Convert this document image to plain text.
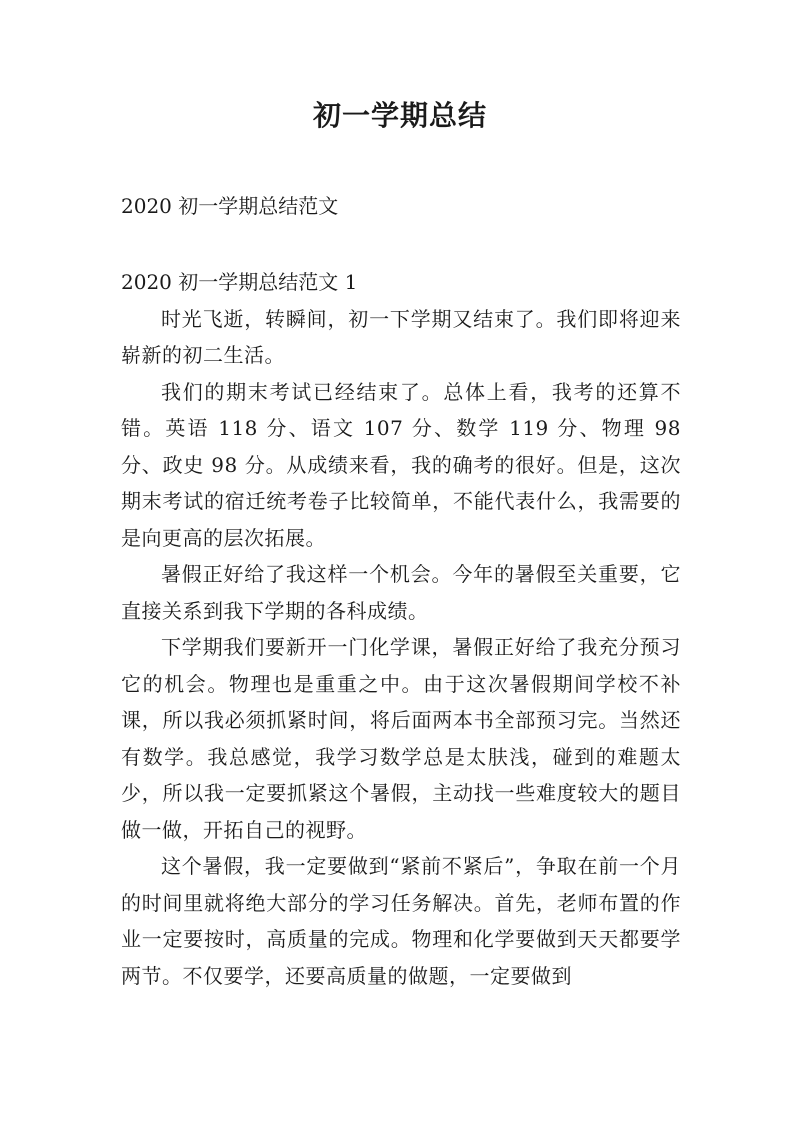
初一学期总结

2020 初一学期总结范文

2020 初一学期总结范文 1

时光飞逝，转瞬间，初一下学期又结束了。我们即将迎来崭新的初二生活。

我们的期末考试已经结束了。总体上看，我考的还算不错。英语 118 分、语文 107 分、数学 119 分、物理 98 分、政史 98 分。从成绩来看，我的确考的很好。但是，这次期末考试的宿迁统考卷子比较简单，不能代表什么，我需要的是向更高的层次拓展。

暑假正好给了我这样一个机会。今年的暑假至关重要，它直接关系到我下学期的各科成绩。

下学期我们要新开一门化学课，暑假正好给了我充分预习它的机会。物理也是重重之中。由于这次暑假期间学校不补课，所以我必须抓紧时间，将后面两本书全部预习完。当然还有数学。我总感觉，我学习数学总是太肤浅，碰到的难题太少，所以我一定要抓紧这个暑假，主动找一些难度较大的题目做一做，开拓自己的视野。

这个暑假，我一定要做到“紧前不紧后”，争取在前一个月的时间里就将绝大部分的学习任务解决。首先，老师布置的作业一定要按时，高质量的完成。物理和化学要做到天天都要学两节。不仅要学，还要高质量的做题，一定要做到
